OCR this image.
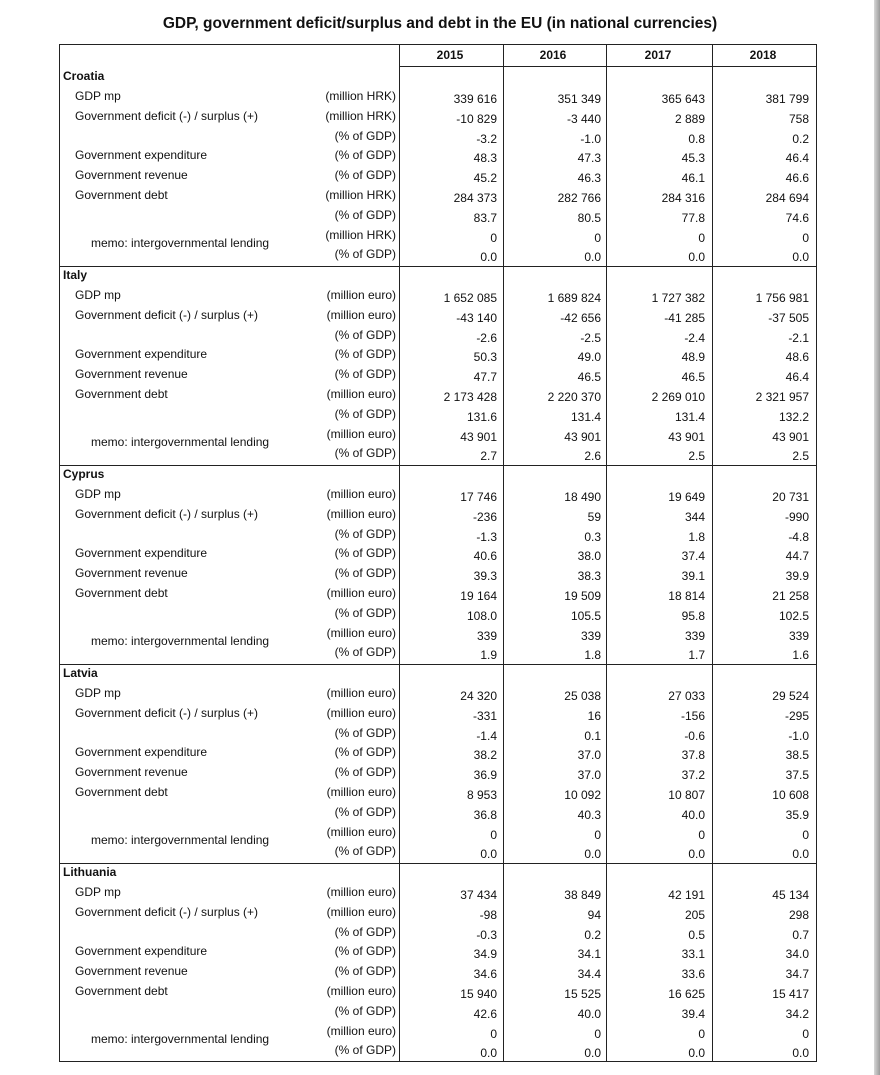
GDP, government deficit/surplus and debt in the EU (in national currencies)
2015	2016	2017	2018
Croatia
GDP mp	(million HRK)	339 616	351 349	365 643	381 799
Government deficit (-) / surplus (+)	(million HRK)	-10 829	-3 440	2 889	758
(% of GDP)	-3.2	-1.0	0.8	0.2
Government expenditure	(% of GDP)	48.3	47.3	45.3	46.4
Government revenue	(% of GDP)	45.2	46.3	46.1	46.6
Government debt	(million HRK)	284 373	282 766	284 316	284 694
(% of GDP)	83.7	80.5	77.8	74.6
memo: intergovernmental lending
(million HRK)	0	0	0	0
(% of GDP)	0.0	0.0	0.0	0.0
Italy
GDP mp	(million euro)	1 652 085	1 689 824	1 727 382	1 756 981
Government deficit (-) / surplus (+)	(million euro)	-43 140	-42 656	-41 285	-37 505
(% of GDP)	-2.6	-2.5	-2.4	-2.1
Government expenditure	(% of GDP)	50.3	49.0	48.9	48.6
Government revenue	(% of GDP)	47.7	46.5	46.5	46.4
Government debt	(million euro)	2 173 428	2 220 370	2 269 010	2 321 957
(% of GDP)	131.6	131.4	131.4	132.2
memo: intergovernmental lending
(million euro)	43 901	43 901	43 901	43 901
(% of GDP)	2.7	2.6	2.5	2.5
Cyprus
GDP mp	(million euro)	17 746	18 490	19 649	20 731
Government deficit (-) / surplus (+)	(million euro)	-236	59	344	-990
(% of GDP)	-1.3	0.3	1.8	-4.8
Government expenditure	(% of GDP)	40.6	38.0	37.4	44.7
Government revenue	(% of GDP)	39.3	38.3	39.1	39.9
Government debt	(million euro)	19 164	19 509	18 814	21 258
(% of GDP)	108.0	105.5	95.8	102.5
memo: intergovernmental lending
(million euro)	339	339	339	339
(% of GDP)	1.9	1.8	1.7	1.6
Latvia
GDP mp	(million euro)	24 320	25 038	27 033	29 524
Government deficit (-) / surplus (+)	(million euro)	-331	16	-156	-295
(% of GDP)	-1.4	0.1	-0.6	-1.0
Government expenditure	(% of GDP)	38.2	37.0	37.8	38.5
Government revenue	(% of GDP)	36.9	37.0	37.2	37.5
Government debt	(million euro)	8 953	10 092	10 807	10 608
(% of GDP)	36.8	40.3	40.0	35.9
memo: intergovernmental lending
(million euro)	0	0	0	0
(% of GDP)	0.0	0.0	0.0	0.0
Lithuania
GDP mp	(million euro)	37 434	38 849	42 191	45 134
Government deficit (-) / surplus (+)	(million euro)	-98	94	205	298
(% of GDP)	-0.3	0.2	0.5	0.7
Government expenditure	(% of GDP)	34.9	34.1	33.1	34.0
Government revenue	(% of GDP)	34.6	34.4	33.6	34.7
Government debt	(million euro)	15 940	15 525	16 625	15 417
(% of GDP)	42.6	40.0	39.4	34.2
memo: intergovernmental lending
(million euro)	0	0	0	0
(% of GDP)	0.0	0.0	0.0	0.0
